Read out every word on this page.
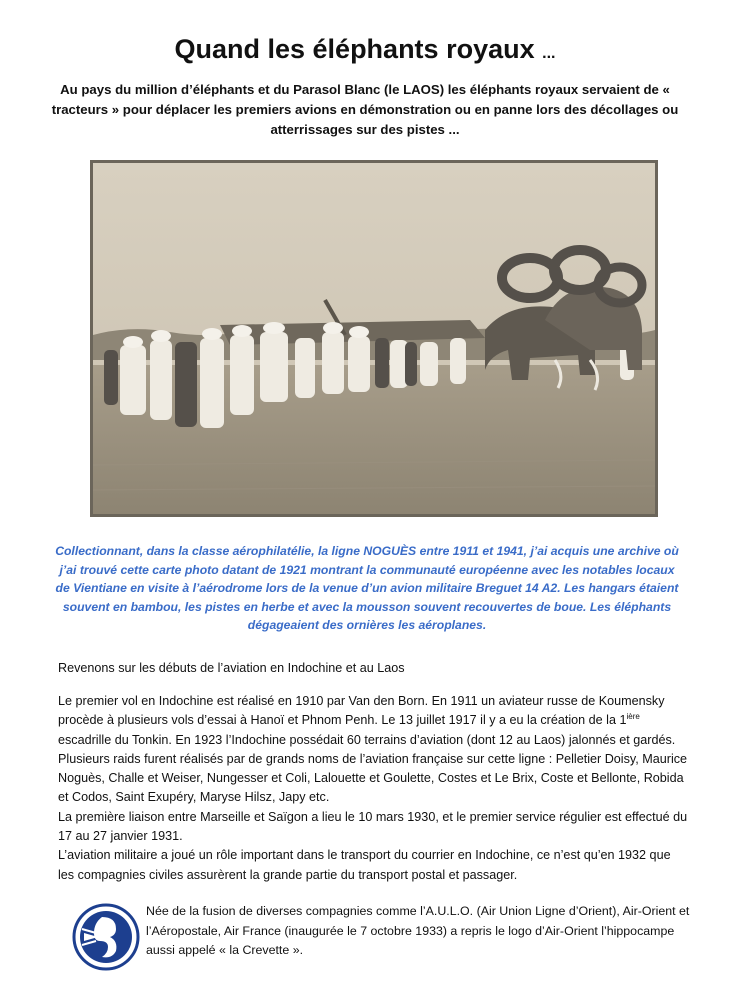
Quand les éléphants royaux ...
Au pays du million d’éléphants et du Parasol Blanc (le LAOS) les éléphants royaux servaient de « tracteurs » pour déplacer les premiers avions en démonstration ou en panne lors des décollages ou atterrissages sur des pistes ...
Collectionnant, dans la classe aérophilatélie, la ligne NOGUÈS entre 1911 et 1941, j’ai acquis une archive où j’ai trouvé cette carte photo datant de 1921 montrant la communauté européenne avec les notables locaux de Vientiane en visite à l’aérodrome lors de la venue d’un avion militaire Breguet 14 A2. Les hangars étaient souvent en bambou, les pistes en herbe et avec la mousson souvent recouvertes de boue. Les éléphants dégageaient des ornières les aéroplanes.
Revenons sur les débuts de l’aviation en Indochine et au Laos

Le premier vol en Indochine est réalisé en 1910 par Van den Born. En 1911 un aviateur russe de Koumensky procède à plusieurs vols d’essai à Hanoï et Phnom Penh. Le 13 juillet 1917 il y a eu la création de la $1^{ière}$ escadrille du Tonkin. En 1923 l’Indochine possédait 60 terrains d’aviation (dont 12 au Laos) jalonnés et gardés. Plusieurs raids furent réalisés par de grands noms de l’aviation française sur cette ligne : Pelletier Doisy, Maurice Noguès, Challe et Weiser, Nungesser et Coli, Lalouette et Goulette, Costes et Le Brix, Coste et Bellonte, Robida et Codos, Saint Exupéry, Maryse Hilsz, Japy etc.

La première liaison entre Marseille et Saïgon a lieu le 10 mars 1930, et le premier service régulier est effectué du 17 au 27 janvier 1931.

L’aviation militaire a joué un rôle important dans le transport du courrier en Indochine, ce n’est qu’en 1932 que les compagnies civiles assurèrent la grande partie du transport postal et passager.

Née de la fusion de diverses compagnies comme l’A.U.L.O. (Air Union Ligne d’Orient), Air-Orient et l’Aéropostale, Air France (inaugurée le 7 octobre 1933) a repris le logo d’Air-Orient l’hippocampe aussi appelé « la Crevette ».
